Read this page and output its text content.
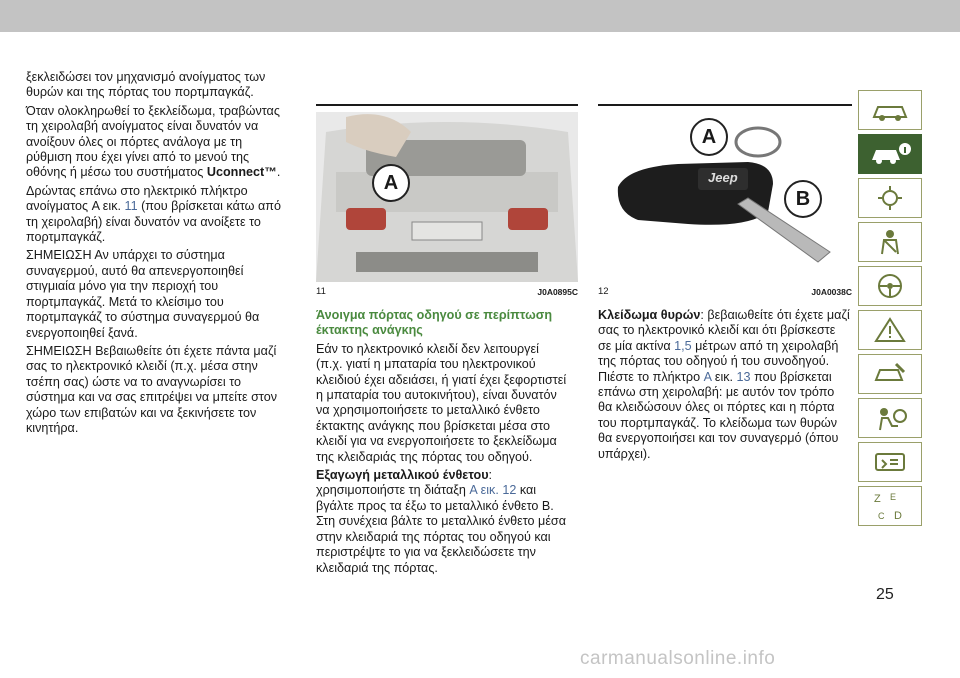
ξεκλειδώσει τον μηχανισμό ανοίγματος των θυρών και της πόρτας του πορτμπαγκάζ.

Όταν ολοκληρωθεί το ξεκλείδωμα, τραβώντας τη χειρολαβή ανοίγματος είναι δυνατόν να ανοίξουν όλες οι πόρτες ανάλογα με τη ρύθμιση που έχει γίνει από το μενού της οθόνης ή μέσω του συστήματος Uconnect™.

Δρώντας επάνω στο ηλεκτρικό πλήκτρο ανοίγματος A εικ. 11 (που βρίσκεται κάτω από τη χειρολαβή) είναι δυνατόν να ανοίξετε το πορτμπαγκάζ.

ΣΗΜΕΙΩΣΗ Αν υπάρχει το σύστημα συναγερμού, αυτό θα απενεργοποιηθεί στιγμιαία μόνο για την περιοχή του πορτμπαγκάζ. Μετά το κλείσιμο του πορτμπαγκάζ το σύστημα συναγερμού θα ενεργοποιηθεί ξανά.

ΣΗΜΕΙΩΣΗ Βεβαιωθείτε ότι έχετε πάντα μαζί σας το ηλεκτρονικό κλειδί (π.χ. μέσα στην τσέπη σας) ώστε να το αναγνωρίσει το σύστημα και να σας επιτρέψει να μπείτε στον χώρο των επιβατών και να ξεκινήσετε τον κινητήρα.

A
11	J0A0895C
Jeep
A
B
12	J0A0038C

Άνοιγμα πόρτας οδηγού σε περίπτωση έκτακτης ανάγκης

Εάν το ηλεκτρονικό κλειδί δεν λειτουργεί (π.χ. γιατί η μπαταρία του ηλεκτρονικού κλειδιού έχει αδειάσει, ή γιατί έχει ξεφορτιστεί η μπαταρία του αυτοκινήτου), είναι δυνατόν να χρησιμοποιήσετε το μεταλλικό ένθετο έκτακτης ανάγκης που βρίσκεται μέσα στο κλειδί για να ενεργοποιήσετε το ξεκλείδωμα της κλειδαριάς της πόρτας του οδηγού.

Εξαγωγή μεταλλικού ένθετου: χρησιμοποιήστε τη διάταξη A εικ. 12 και βγάλτε προς τα έξω το μεταλλικό ένθετο B. Στη συνέχεια βάλτε το μεταλλικό ένθετο μέσα στην κλειδαριά της πόρτας του οδηγού και περιστρέψτε το για να ξεκλειδώσετε την κλειδαριά της πόρτας.

Κλείδωμα θυρών: βεβαιωθείτε ότι έχετε μαζί σας το ηλεκτρονικό κλειδί και ότι βρίσκεστε σε μία ακτίνα 1,5 μέτρων από τη χειρολαβή της πόρτας του οδηγού ή του συνοδηγού. Πιέστε το πλήκτρο A εικ. 13 που βρίσκεται επάνω στη χειρολαβή: με αυτόν τον τρόπο θα κλειδώσουν όλες οι πόρτες και η πόρτα του πορτμπαγκάζ. Το κλείδωμα των θυρών θα ενεργοποιήσει και τον συναγερμό (όπου υπάρχει).

Z E
C D
25
carmanualsonline.info
